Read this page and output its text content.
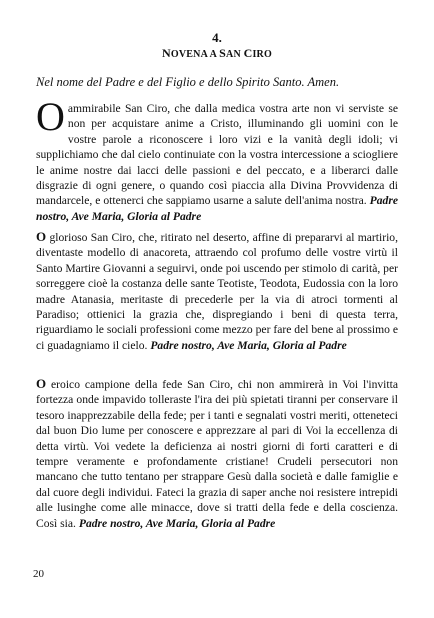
4.
NOVENA A SAN CIRO
Nel nome del Padre e del Figlio e dello Spirito Santo. Amen.

Oammirabile San Ciro, che dalla medica vostra arte non vi serviste se non per acquistare anime a Cristo, illuminando gli uomini con le vostre parole a riconoscere i loro vizi e la vanità degli idoli; vi supplichiamo che dal cielo continuiate con la vostra intercessione a sciogliere le anime nostre dai lacci delle passioni e del peccato, e a liberarci dalle disgrazie di ogni genere, o quando così piaccia alla Divina Provvidenza di mandarcele, e ottenerci che sappiamo usarne a salute dell'anima nostra. Padre nostro, Ave Maria, Gloria al Padre

O glorioso San Ciro, che, ritirato nel deserto, affine di prepararvi al martirio, diventaste modello di anacoreta, attraendo col profumo delle vostre virtù il Santo Martire Giovanni a seguirvi, onde poi uscendo per stimolo di carità, per sorreggere cioè la costanza delle sante Teotiste, Teodota, Eudossia con la loro madre Atanasia, meritaste di precederle per la via di atroci tormenti al Paradiso; ottienici la grazia che, dispregiando i beni di questa terra, riguardiamo le sociali professioni come mezzo per fare del bene al prossimo e ci guadagniamo il cielo. Padre nostro, Ave Maria, Gloria al Padre

O eroico campione della fede San Ciro, chi non ammirerà in Voi l'invitta fortezza onde impavido tolleraste l'ira dei più spietati tiranni per conservare il tesoro inapprezzabile della fede; per i tanti e segnalati vostri meriti, otteneteci dal buon Dio lume per conoscere e apprezzare al pari di Voi la eccellenza di detta virtù. Voi vedete la deficienza ai nostri giorni di forti caratteri e di tempre veramente e profondamente cristiane! Crudeli persecutori non mancano che tutto tentano per strappare Gesù dalla società e dalle famiglie e dal cuore degli individui. Fateci la grazia di saper anche noi resistere intrepidi alle lusinghe come alle minacce, dove si tratti della fede e della coscienza. Così sia. Padre nostro, Ave Maria, Gloria al Padre

20
